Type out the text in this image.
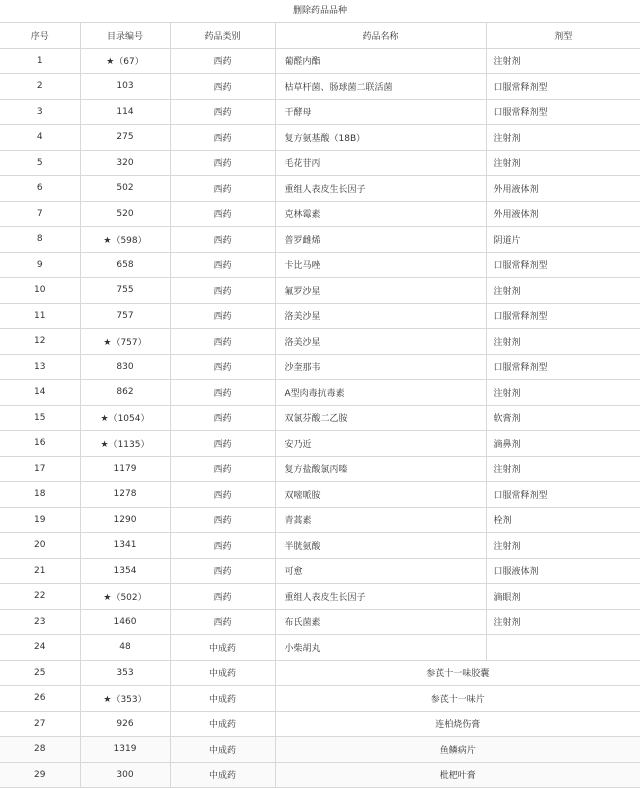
删除药品品种
序号	目录编号	药品类别	药品名称	剂型
1	★（67）	西药	葡醛内酯	注射剂
2	103	西药	枯草杆菌、肠球菌二联活菌	口服常释剂型
3	114	西药	干酵母	口服常释剂型
4	275	西药	复方氨基酸（18B）	注射剂
5	320	西药	毛花苷丙	注射剂
6	502	西药	重组人表皮生长因子	外用液体剂
7	520	西药	克林霉素	外用液体剂
8	★（598）	西药	普罗雌烯	阴道片
9	658	西药	卡比马唑	口服常释剂型
10	755	西药	氟罗沙星	注射剂
11	757	西药	洛美沙星	口服常释剂型
12	★（757）	西药	洛美沙星	注射剂
13	830	西药	沙奎那韦	口服常释剂型
14	862	西药	A型肉毒抗毒素	注射剂
15	★（1054）	西药	双氯芬酸二乙胺	软膏剂
16	★（1135）	西药	安乃近	滴鼻剂
17	1179	西药	复方盐酸氯丙嗪	注射剂
18	1278	西药	双嘧哌胺	口服常释剂型
19	1290	西药	青蒿素	栓剂
20	1341	西药	半胱氨酸	注射剂
21	1354	西药	可愈	口服液体剂
22	★（502）	西药	重组人表皮生长因子	滴眼剂
23	1460	西药	布氏菌素	注射剂
24	48	中成药	小柴胡丸	
25	353	中成药	参芪十一味胶囊	
26	★（353）	中成药	参芪十一味片	
27	926	中成药	连柏烧伤膏	
28	1319	中成药	鱼鳞病片	
29	300	中成药	枇杷叶膏	
